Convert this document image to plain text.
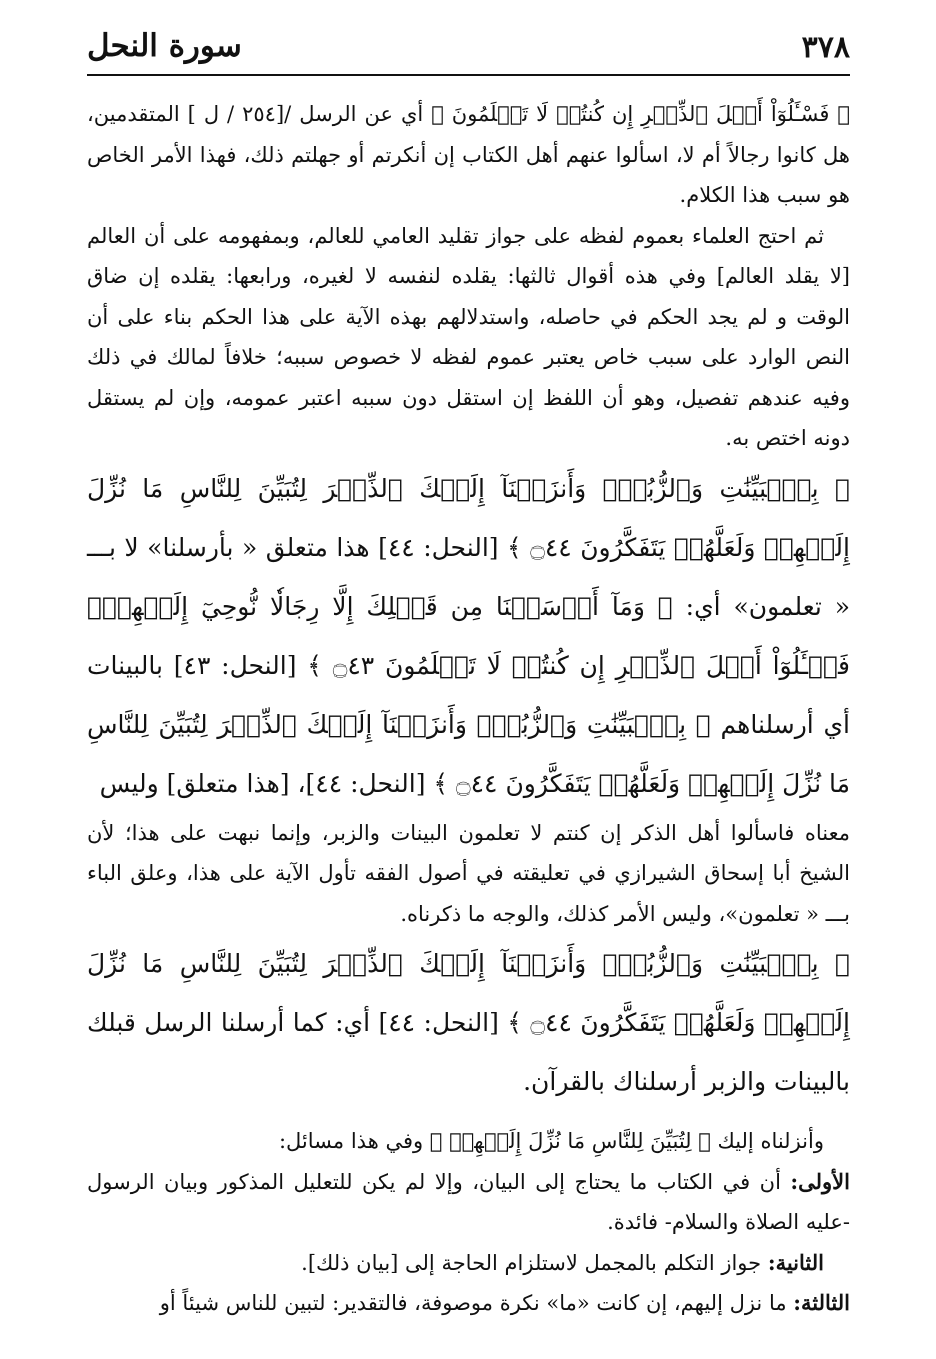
٣٧٨
سورة النحل

﴿ فَسْـَٔلُوٓاْ أَهۡلَ ٱلذِّكۡرِ إِن كُنتُمۡ لَا تَعۡلَمُونَ ﴾ أي عن الرسل /[٢٥٤ / ل ] المتقدمين، هل كانوا رجالاً أم لا، اسألوا عنهم أهل الكتاب إن أنكرتم أو جهلتم ذلك، فهذا الأمر الخاص هو سبب هذا الكلام.

ثم احتج العلماء بعموم لفظه على جواز تقليد العامي للعالم، وبمفهومه على أن العالم [لا يقلد العالم] وفي هذه أقوال ثالثها: يقلده لنفسه لا لغيره، ورابعها: يقلده إن ضاق الوقت و لم يجد الحكم في حاصله، واستدلالهم بهذه الآية على هذا الحكم بناء على أن النص الوارد على سبب خاص يعتبر عموم لفظه لا خصوص سببه؛ خلافاً لمالك في ذلك وفيه عندهم تفصيل، وهو أن اللفظ إن استقل دون سببه اعتبر عمومه، وإن لم يستقل دونه اختص به.

﴿ بِٱلۡبَيِّنَٰتِ وَٱلزُّبُرِۗ وَأَنزَلۡنَآ إِلَيۡكَ ٱلذِّكۡرَ لِتُبَيِّنَ لِلنَّاسِ مَا نُزِّلَ إِلَيۡهِمۡ وَلَعَلَّهُمۡ يَتَفَكَّرُونَ ۝٤٤ ﴾ [النحل: ٤٤] هذا متعلق « بأرسلنا» لا بـــ « تعلمون» أي: ﴿ وَمَآ أَرۡسَلۡنَا مِن قَبۡلِكَ إِلَّا رِجَالٗا نُّوحِيٓ إِلَيۡهِمۡۖ فَسۡـَٔلُوٓاْ أَهۡلَ ٱلذِّكۡرِ إِن كُنتُمۡ لَا تَعۡلَمُونَ ۝٤٣ ﴾ [النحل: ٤٣] بالبينات أي أرسلناهم ﴿ بِٱلۡبَيِّنَٰتِ وَٱلزُّبُرِۗ وَأَنزَلۡنَآ إِلَيۡكَ ٱلذِّكۡرَ لِتُبَيِّنَ لِلنَّاسِ مَا نُزِّلَ إِلَيۡهِمۡ وَلَعَلَّهُمۡ يَتَفَكَّرُونَ ۝٤٤ ﴾ [النحل: ٤٤]، [هذا متعلق] وليس

معناه فاسألوا أهل الذكر إن كنتم لا تعلمون البينات والزبر، وإنما نبهت على هذا؛ لأن الشيخ أبا إسحاق الشيرازي في تعليقته في أصول الفقه تأول الآية على هذا، وعلق الباء بـــ « تعلمون»، وليس الأمر كذلك، والوجه ما ذكرناه.

﴿ بِٱلۡبَيِّنَٰتِ وَٱلزُّبُرِۗ وَأَنزَلۡنَآ إِلَيۡكَ ٱلذِّكۡرَ لِتُبَيِّنَ لِلنَّاسِ مَا نُزِّلَ إِلَيۡهِمۡ وَلَعَلَّهُمۡ يَتَفَكَّرُونَ ۝٤٤ ﴾ [النحل: ٤٤] أي: كما أرسلنا الرسل قبلك بالبينات والزبر أرسلناك بالقرآن.

وأنزلناه إليك ﴿ لِتُبَيِّنَ لِلنَّاسِ مَا نُزِّلَ إِلَيۡهِمۡ ﴾ وفي هذا مسائل:

الأولى: أن في الكتاب ما يحتاج إلى البيان، وإلا لم يكن للتعليل المذكور وبيان الرسول -عليه الصلاة والسلام- فائدة.

الثانية: جواز التكلم بالمجمل لاستلزام الحاجة إلى [بيان ذلك].

الثالثة: ما نزل إليهم، إن كانت «ما» نكرة موصوفة، فالتقدير: لتبين للناس شيئاً أو
